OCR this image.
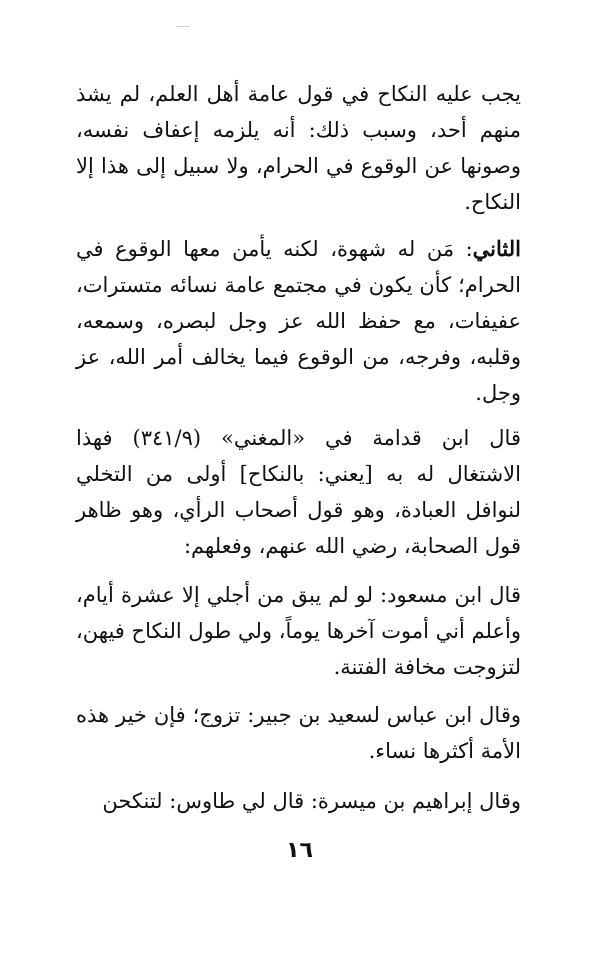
يجب عليه النكاح في قول عامة أهل العلم، لم يشذ منهم أحد، وسبب ذلك: أنه يلزمه إعفاف نفسه، وصونها عن الوقوع في الحرام، ولا سبيل إلى هذا إلا النكاح.

الثاني: مَن له شهوة، لكنه يأمن معها الوقوع في الحرام؛ كأن يكون في مجتمع عامة نسائه متسترات، عفيفات، مع حفظ الله عز وجل لبصره، وسمعه، وقلبه، وفرجه، من الوقوع فيما يخالف أمر الله، عز وجل.

قال ابن قدامة في «المغني» (٣٤١/٩) فهذا الاشتغال له به [يعني: بالنكاح] أولى من التخلي لنوافل العبادة، وهو قول أصحاب الرأي، وهو ظاهر قول الصحابة، رضي الله عنهم، وفعلهم:

قال ابن مسعود: لو لم يبق من أجلي إلا عشرة أيام، وأعلم أني أموت آخرها يوماً، ولي طول النكاح فيهن، لتزوجت مخافة الفتنة.

وقال ابن عباس لسعيد بن جبير: تزوج؛ فإن خير هذه الأمة أكثرها نساء.

وقال إبراهيم بن ميسرة: قال لي طاوس: لتنكحن

١٦
